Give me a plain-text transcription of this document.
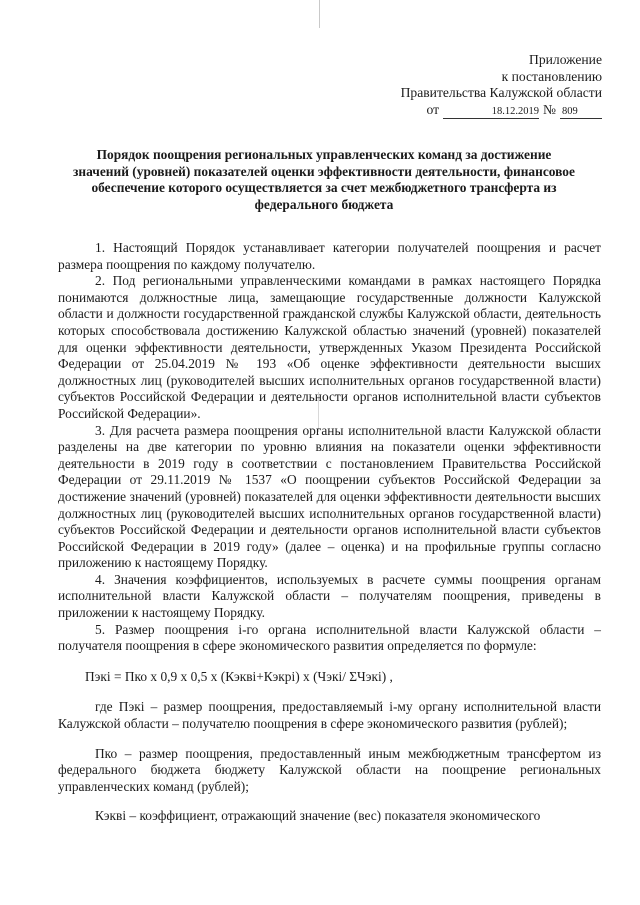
Приложение
к постановлению
Правительства Калужской области
от	18.12.2019 № 809
Порядок поощрения региональных управленческих команд за достижение значений (уровней) показателей оценки эффективности деятельности, финансовое обеспечение которого осуществляется за счет межбюджетного трансферта из федерального бюджета

1. Настоящий Порядок устанавливает категории получателей поощрения и расчет размера поощрения по каждому получателю.

2. Под региональными управленческими командами в рамках настоящего Порядка понимаются должностные лица, замещающие государственные должности Калужской области и должности государственной гражданской службы Калужской области, деятельность которых способствовала достижению Калужской областью значений (уровней) показателей для оценки эффективности деятельности, утвержденных Указом Президента Российской Федерации от 25.04.2019 № 193 «Об оценке эффективности деятельности высших должностных лиц (руководителей высших исполнительных органов государственной власти) субъектов Российской Федерации и деятельности органов исполнительной власти субъектов Российской Федерации».

3. Для расчета размера поощрения органы исполнительной власти Калужской области разделены на две категории по уровню влияния на показатели оценки эффективности деятельности в 2019 году в соответствии с постановлением Правительства Российской Федерации от 29.11.2019 № 1537 «О поощрении субъектов Российской Федерации за достижение значений (уровней) показателей для оценки эффективности деятельности высших должностных лиц (руководителей высших исполнительных органов государственной власти) субъектов Российской Федерации и деятельности органов исполнительной власти субъектов Российской Федерации в 2019 году» (далее – оценка) и на профильные группы согласно приложению к настоящему Порядку.

4. Значения коэффициентов, используемых в расчете суммы поощрения органам исполнительной власти Калужской области – получателям поощрения, приведены в приложении к настоящему Порядку.

5. Размер поощрения i-го органа исполнительной власти Калужской области – получателя поощрения в сфере экономического развития определяется по формуле:

Пэкі = Пко х 0,9 х 0,5 х (Кэкві+Кэкрі) х (Чэкі/ ΣЧэкі) ,

где Пэкі – размер поощрения, предоставляемый і-му органу исполнительной власти Калужской области – получателю поощрения в сфере экономического развития (рублей);

Пко – размер поощрения, предоставленный иным межбюджетным трансфертом из федерального бюджета бюджету Калужской области на поощрение региональных управленческих команд (рублей);

Кэкві – коэффициент, отражающий значение (вес) показателя экономического
